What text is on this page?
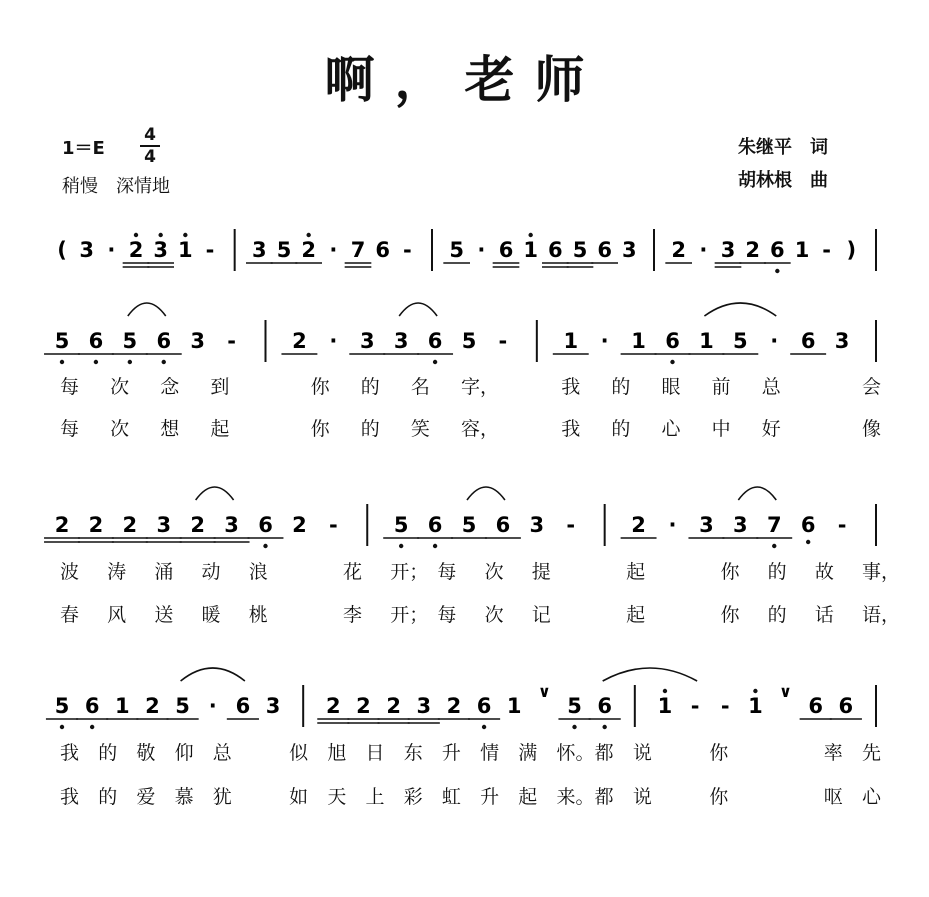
啊，老师
1＝E
4
4
稍慢　深情地
朱继平　词
胡林根　曲
( 3 · 2 3 1 - 3 5 2 · 7 6 - 5 · 6 1 6 5 6 3 2 · 3 2 6 1 - )
5 6 5 6 3 -	2 · 3 3 6 5 -	1 · 1 6 1 5 · 6 3
每 次 念 到	你 的 名 字，	我 的 眼 前 总	会
每 次 想 起	你 的 笑 容，	我 的 心 中 好	像
2 2 2 3 2 3 6 2 -	5 6 5 6 3 -	2 · 3 3 7 6 -
波 涛 涌 动 浪	花 开； 每 次 提	起	你 的 故 事，
春 风 送 暖 桃	李 开； 每 次 记	起	你 的 话 语，
5 6 1 2 5 · 6 3 2 2 2 3 2 6 1
∨
5 6 1 - - 1
∨
6 6
我 的 敬 仰 总	似 旭 日 东 升 情 满 怀。 都 说	你	率 先
我 的 爱 慕 犹	如 天 上 彩 虹 升 起 来。 都 说	你	呕 心
